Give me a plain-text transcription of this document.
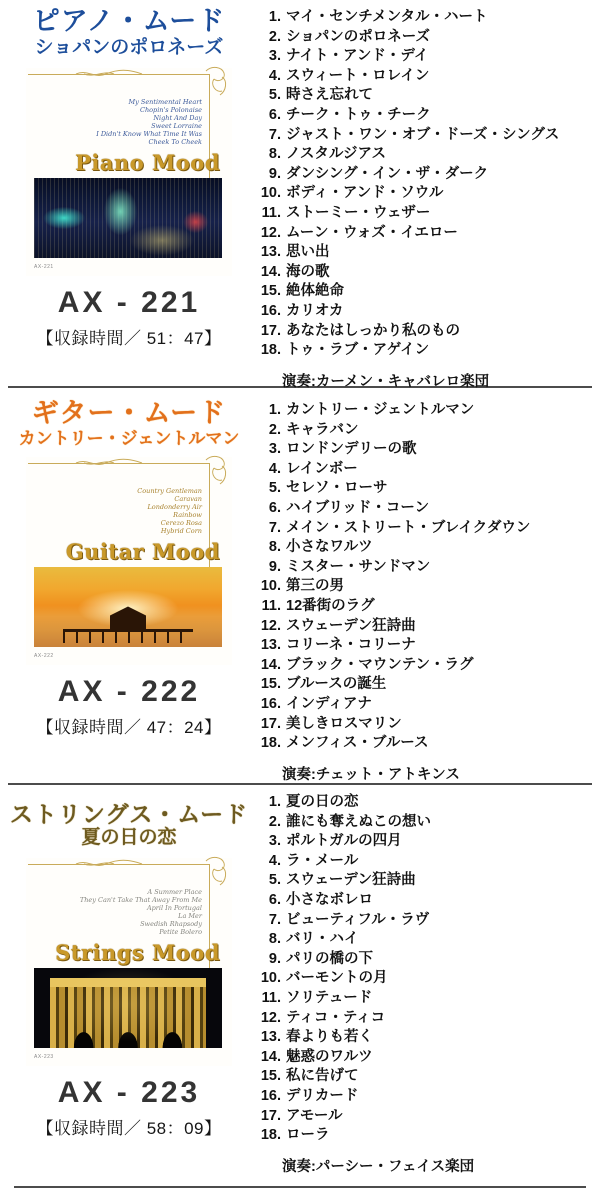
ピアノ・ムード
ショパンのポロネーズ
My Sentimental Heart
Chopin's Polonaise
Night And Day
Sweet Lorraine
I Didn't Know What Time It Was
Cheek To Cheek
Piano Mood
AX-221
AX - 221
【収録時間／ 51：47】
1. マイ・センチメンタル・ハート
2. ショパンのポロネーズ
3. ナイト・アンド・デイ
4. スウィート・ロレイン
5. 時さえ忘れて
6. チーク・トゥ・チーク
7. ジャスト・ワン・オブ・ドーズ・シングス
8. ノスタルジアス
9. ダンシング・イン・ザ・ダーク
10. ボディ・アンド・ソウル
11. ストーミー・ウェザー
12. ムーン・ウォズ・イエロー
13. 思い出
14. 海の歌
15. 絶体絶命
16. カリオカ
17. あなたはしっかり私のもの
18. トゥ・ラブ・アゲイン
演奏:カーメン・キャバレロ楽団
ギター・ムード
カントリー・ジェントルマン
Country Gentleman
Caravan
Londonderry Air
Rainbow
Cerezo Rosa
Hybrid Corn
Guitar Mood
AX-222
AX - 222
【収録時間／ 47：24】
1. カントリー・ジェントルマン
2. キャラバン
3. ロンドンデリーの歌
4. レインボー
5. セレソ・ローサ
6. ハイブリッド・コーン
7. メイン・ストリート・ブレイクダウン
8. 小さなワルツ
9. ミスター・サンドマン
10. 第三の男
11. 12番街のラグ
12. スウェーデン狂詩曲
13. コリーネ・コリーナ
14. ブラック・マウンテン・ラグ
15. ブルースの誕生
16. インディアナ
17. 美しきロスマリン
18. メンフィス・ブルース
演奏:チェット・アトキンス
ストリングス・ムード
夏の日の恋
A Summer Place
They Can't Take That Away From Me
April In Portugal
La Mer
Swedish Rhapsody
Petite Bolero
Strings Mood
AX-223
AX - 223
【収録時間／ 58：09】
1. 夏の日の恋
2. 誰にも奪えぬこの想い
3. ポルトガルの四月
4. ラ・メール
5. スウェーデン狂詩曲
6. 小さなボレロ
7. ビューティフル・ラヴ
8. バリ・ハイ
9. パリの橋の下
10. バーモントの月
11. ソリテュード
12. ティコ・ティコ
13. 春よりも若く
14. 魅惑のワルツ
15. 私に告げて
16. デリカード
17. アモール
18. ローラ
演奏:パーシー・フェイス楽団
